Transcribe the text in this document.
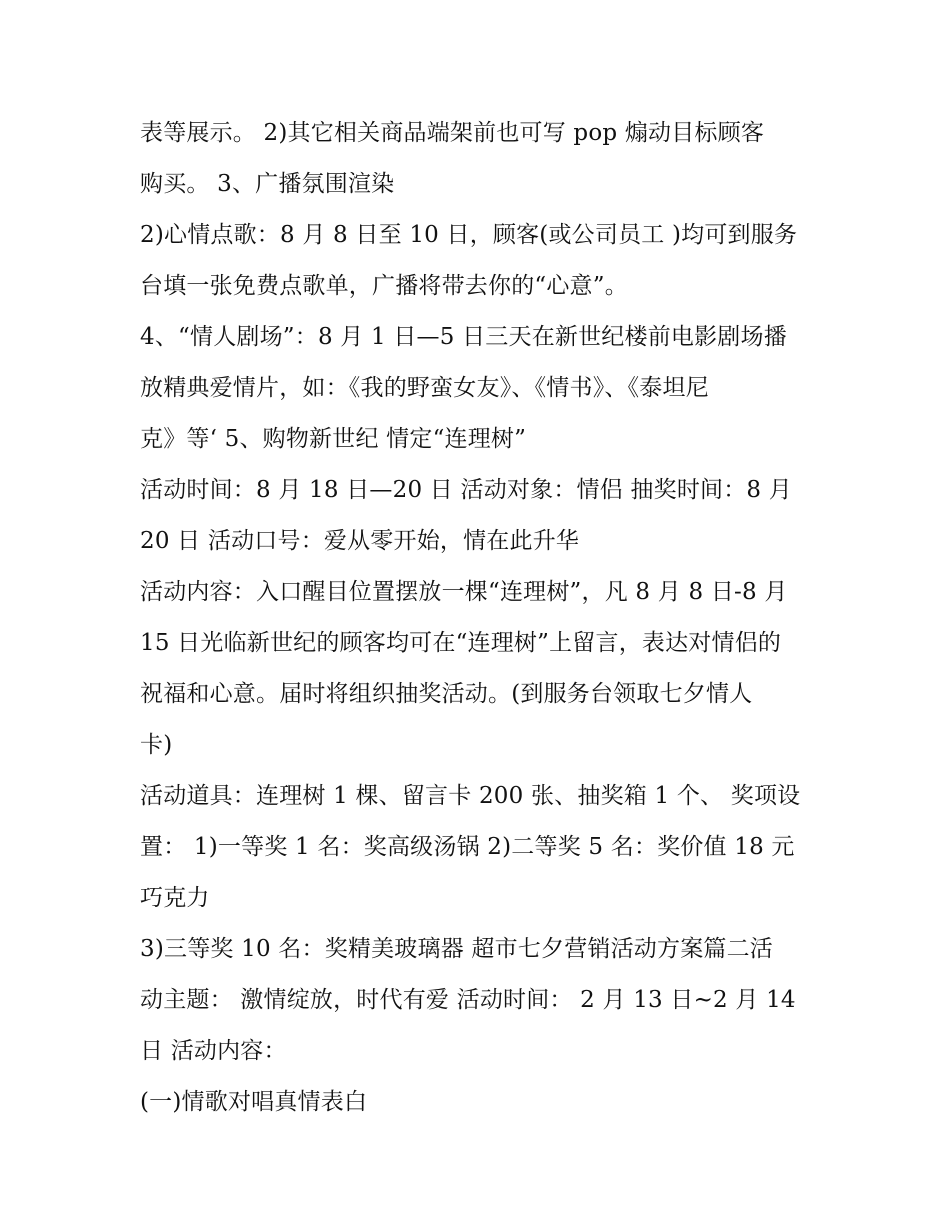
表等展示。 2)其它相关商品端架前也可写 pop 煽动目标顾客
购买。 3、广播氛围渲染
2)心情点歌：8 月 8 日至 10 日，顾客(或公司员工 )均可到服务
台填一张免费点歌单，广播将带去你的“心意”。
4、“情人剧场”：8 月 1 日—5 日三天在新世纪楼前电影剧场播
放精典爱情片，如：《我的野蛮女友》、《情书》、《泰坦尼
克》等‘ 5、购物新世纪 情定“连理树”
活动时间：8 月 18 日—20 日 活动对象：情侣 抽奖时间：8 月
20 日 活动口号：爱从零开始，情在此升华
活动内容：入口醒目位置摆放一棵“连理树”，凡 8 月 8 日-8 月
15 日光临新世纪的顾客均可在“连理树”上留言，表达对情侣的
祝福和心意。届时将组织抽奖活动。(到服务台领取七夕情人
卡)
活动道具：连理树 1 棵、留言卡 200 张、抽奖箱 1 个、 奖项设
置： 1)一等奖 1 名：奖高级汤锅 2)二等奖 5 名：奖价值 18 元
巧克力
3)三等奖 10 名：奖精美玻璃器 超市七夕营销活动方案篇二活
动主题： 激情绽放，时代有爱 活动时间： 2 月 13 日~2 月 14
日 活动内容：
(一)情歌对唱真情表白
